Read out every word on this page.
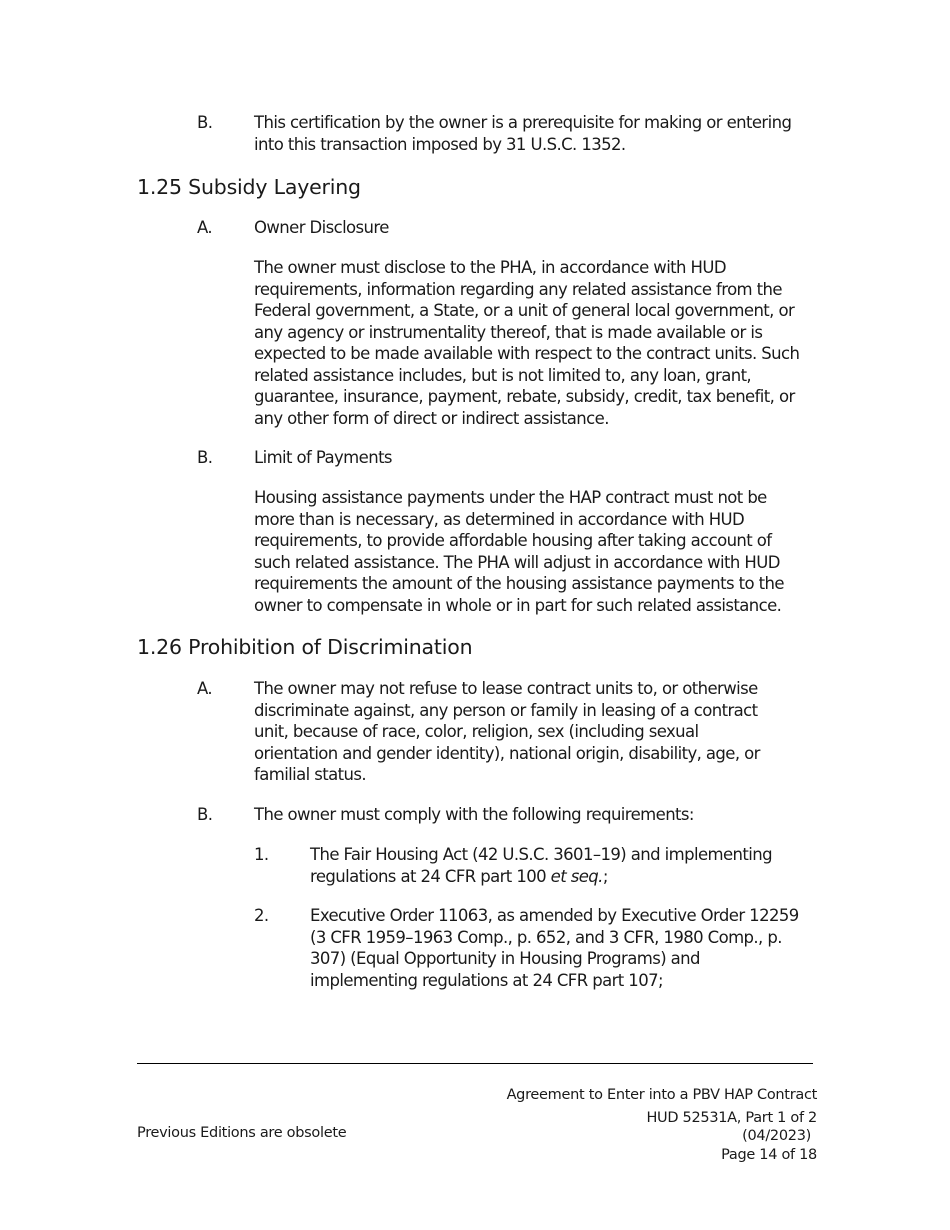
B.	This certification by the owner is a prerequisite for making or entering into this transaction imposed by 31 U.S.C. 1352.
1.25 Subsidy Layering
A.	Owner Disclosure
The owner must disclose to the PHA, in accordance with HUD requirements, information regarding any related assistance from the Federal government, a State, or a unit of general local government, or any agency or instrumentality thereof, that is made available or is expected to be made available with respect to the contract units. Such related assistance includes, but is not limited to, any loan, grant, guarantee, insurance, payment, rebate, subsidy, credit, tax benefit, or any other form of direct or indirect assistance.
B.	Limit of Payments
Housing assistance payments under the HAP contract must not be more than is necessary, as determined in accordance with HUD requirements, to provide affordable housing after taking account of such related assistance. The PHA will adjust in accordance with HUD requirements the amount of the housing assistance payments to the owner to compensate in whole or in part for such related assistance.
1.26 Prohibition of Discrimination
A.	The owner may not refuse to lease contract units to, or otherwise discriminate against, any person or family in leasing of a contract unit, because of race, color, religion, sex (including sexual orientation and gender identity), national origin, disability, age, or familial status.
B.	The owner must comply with the following requirements:
1.	The Fair Housing Act (42 U.S.C. 3601–19) and implementing regulations at 24 CFR part 100 et seq.;
2.	Executive Order 11063, as amended by Executive Order 12259 (3 CFR 1959–1963 Comp., p. 652, and 3 CFR, 1980 Comp., p. 307) (Equal Opportunity in Housing Programs) and implementing regulations at 24 CFR part 107;
Previous Editions are obsolete
Agreement to Enter into a PBV HAP Contract
HUD 52531A, Part 1 of 2
(04/2023)
Page 14 of 18
